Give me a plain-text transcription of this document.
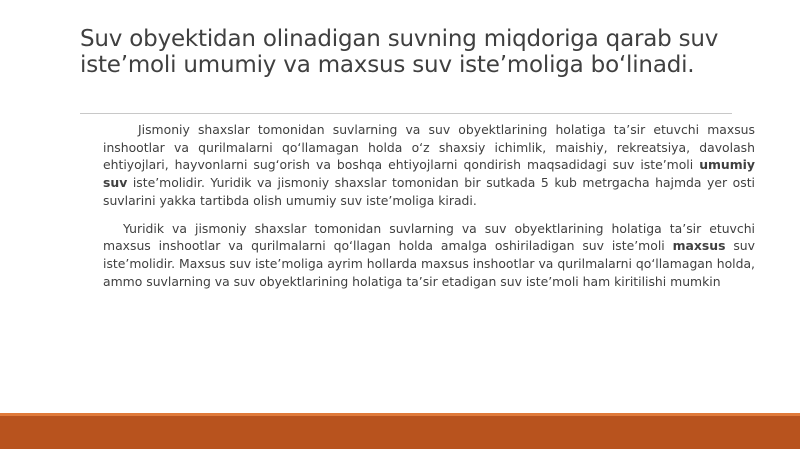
Suv obyektidan olinadigan suvning miqdoriga qarab suv iste’moli umumiy va maxsus suv iste’moliga bo‘linadi.

Jismoniy shaxslar tomonidan suvlarning va suv obyektlarining holatiga ta’sir etuvchi maxsus inshootlar va qurilmalarni qo‘llamagan holda o‘z shaxsiy ichimlik, maishiy, rekreatsiya, davolash ehtiyojlari, hayvonlarni sug‘orish va boshqa ehtiyojlarni qondirish maqsadidagi suv iste’moli umumiy suv iste’molidir. Yuridik va jismoniy shaxslar tomonidan bir sutkada 5 kub metrgacha hajmda yer osti suvlarini yakka tartibda olish umumiy suv iste’moliga kiradi.

Yuridik va jismoniy shaxslar tomonidan suvlarning va suv obyektlarining holatiga ta’sir etuvchi maxsus inshootlar va qurilmalarni qo‘llagan holda amalga oshiriladigan suv iste’moli maxsus suv iste’molidir. Maxsus suv iste’moliga ayrim hollarda maxsus inshootlar va qurilmalarni qo‘llamagan holda, ammo suvlarning va suv obyektlarining holatiga ta’sir etadigan suv iste’moli ham kiritilishi mumkin
